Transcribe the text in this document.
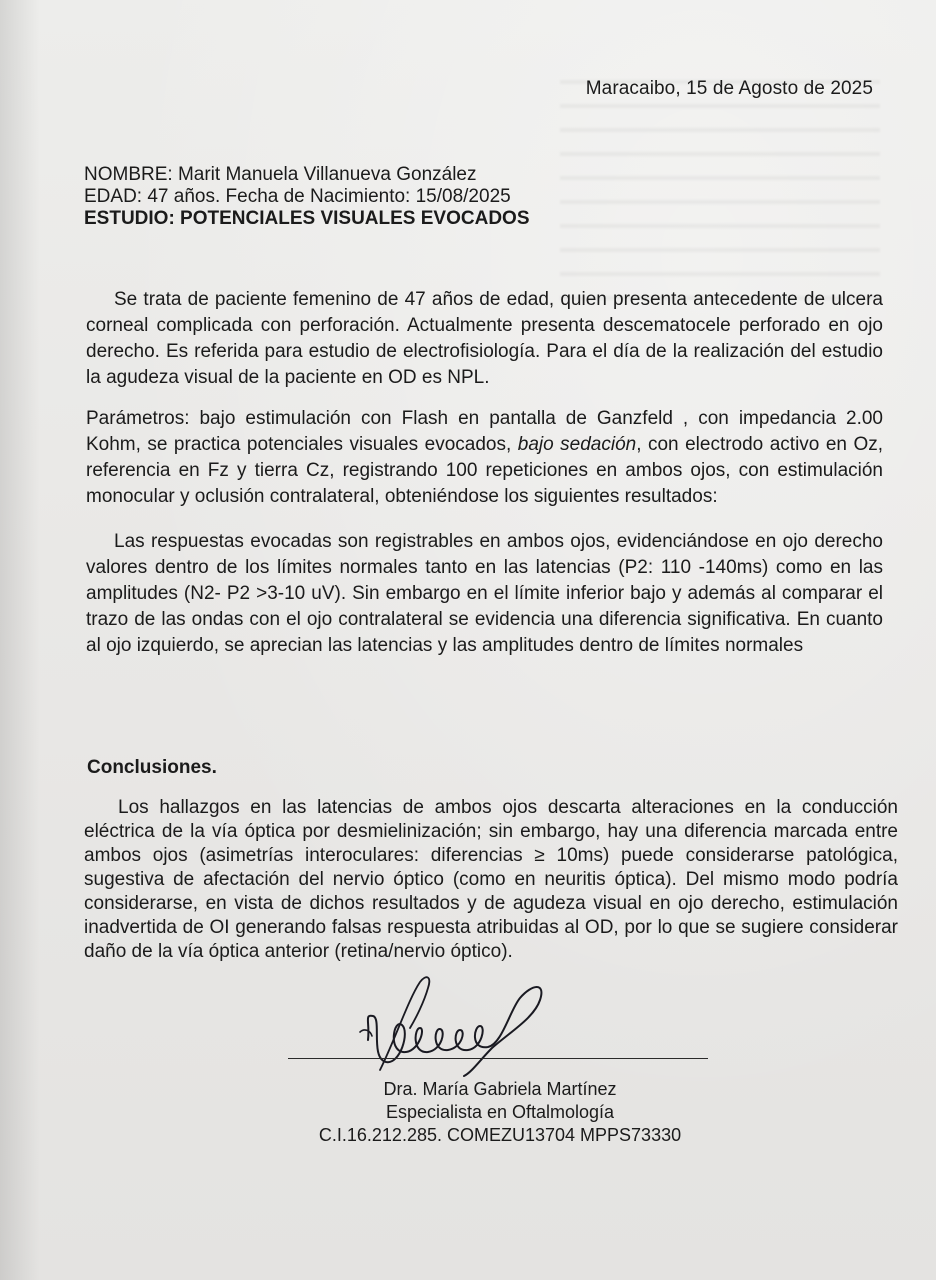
Maracaibo, 15 de Agosto de 2025
NOMBRE: Marit Manuela Villanueva González
EDAD: 47 años. Fecha de Nacimiento: 15/08/2025
ESTUDIO: POTENCIALES VISUALES EVOCADOS
Se trata de paciente femenino de 47 años de edad, quien presenta antecedente de ulcera corneal complicada con perforación. Actualmente presenta descematocele perforado en ojo derecho. Es referida para estudio de electrofisiología. Para el día de la realización del estudio la agudeza visual de la paciente en OD es NPL.
Parámetros: bajo estimulación con Flash en pantalla de Ganzfeld , con impedancia 2.00 Kohm, se practica potenciales visuales evocados, bajo sedación, con electrodo activo en Oz, referencia en Fz y tierra Cz, registrando 100 repeticiones en ambos ojos, con estimulación monocular y oclusión contralateral, obteniéndose los siguientes resultados:
Las respuestas evocadas son registrables en ambos ojos, evidenciándose en ojo derecho valores dentro de los límites normales tanto en las latencias (P2: 110 -140ms) como en las amplitudes (N2- P2 >3-10 uV). Sin embargo en el límite inferior bajo y además al comparar el trazo de las ondas con el ojo contralateral se evidencia una diferencia significativa. En cuanto al ojo izquierdo, se aprecian las latencias y las amplitudes dentro de límites normales
Conclusiones.
Los hallazgos en las latencias de ambos ojos descarta alteraciones en la conducción eléctrica de la vía óptica por desmielinización; sin embargo, hay una diferencia marcada entre ambos ojos (asimetrías interoculares: diferencias ≥ 10ms) puede considerarse patológica, sugestiva de afectación del nervio óptico (como en neuritis óptica). Del mismo modo podría considerarse, en vista de dichos resultados y de agudeza visual en ojo derecho, estimulación inadvertida de OI generando falsas respuesta atribuidas al OD, por lo que se sugiere considerar daño de la vía óptica anterior (retina/nervio óptico).
Dra. María Gabriela Martínez
Especialista en Oftalmología
C.I.16.212.285. COMEZU13704 MPPS73330
